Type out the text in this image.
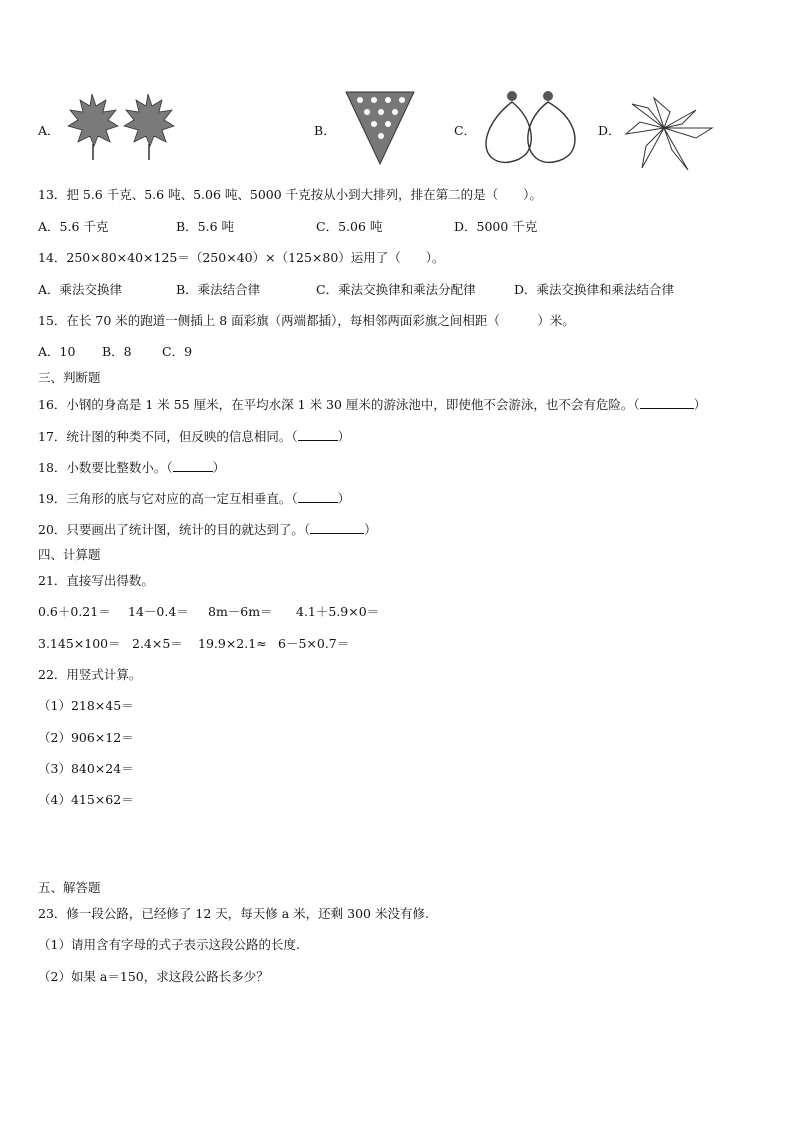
A．	B．	C．	D．
13．把 5.6 千克、5.6 吨、5.06 吨、5000 千克按从小到大排列，排在第二的是（　　）。
A．5.6 千克	B．5.6 吨	C．5.06 吨	D．5000 千克
14．250×80×40×125＝（250×40）×（125×80）运用了（　　）。
A．乘法交换律	B．乘法结合律	C．乘法交换律和乘法分配律	D．乘法交换律和乘法结合律
15．在长 70 米的跑道一侧插上 8 面彩旗（两端都插），每相邻两面彩旗之间相距（　　　）米。
A．10 B．8 C．9
三、判断题
16．小钢的身高是 1 米 55 厘米，在平均水深 1 米 30 厘米的游泳池中，即使他不会游泳，也不会有危险。（	）
17．统计图的种类不同，但反映的信息相同。（	）
18．小数要比整数小。（	）
19．三角形的底与它对应的高一定互相垂直。（	）
20．只要画出了统计图，统计的目的就达到了。（	）
四、计算题
21．直接写出得数。
0.6＋0.21＝ 14－0.4＝ 8m－6m＝ 4.1＋5.9×0＝
3.145×100＝ 2.4×5＝ 19.9×2.1≈ 6－5×0.7＝
22．用竖式计算。
（1）218×45＝
（2）906×12＝
（3）840×24＝
（4）415×62＝
五、解答题
23．修一段公路，已经修了 12 天，每天修 a 米，还剩 300 米没有修.
（1）请用含有字母的式子表示这段公路的长度.
（2）如果 a＝150，求这段公路长多少？
